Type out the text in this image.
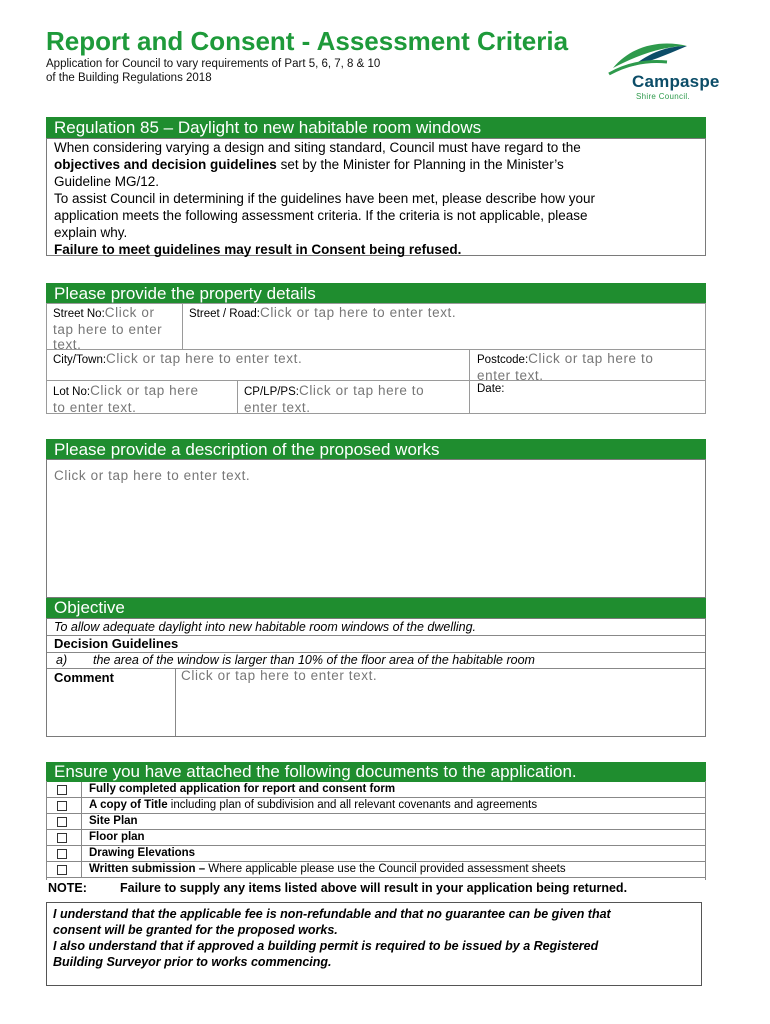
Report and Consent - Assessment Criteria
Application for Council to vary requirements of Part 5, 6, 7, 8 & 10
of the Building Regulations 2018	Campaspe
Shire Council.
Regulation 85 – Daylight to new habitable room windows
When considering varying a design and siting standard, Council must have regard to the
objectives and decision guidelines set by the Minister for Planning in the Minister’s
Guideline MG/12.
To assist Council in determining if the guidelines have been met, please describe how your
application meets the following assessment criteria. If the criteria is not applicable, please
explain why.
Failure to meet guidelines may result in Consent being refused.
Please provide the property details
Street No:Click or
tap here to enter
text.
Street / Road:Click or tap here to enter text.
City/Town:Click or tap here to enter text.	Postcode:Click or tap here to
enter text.
Lot No:Click or tap here
to enter text.
CP/LP/PS:Click or tap here to
enter text.
Date:
Please provide a description of the proposed works
Click or tap here to enter text.
Objective
To allow adequate daylight into new habitable room windows of the dwelling.
Decision Guidelines
a) the area of the window is larger than 10% of the floor area of the habitable room
Comment	Click or tap here to enter text.
Ensure you have attached the following documents to the application.
Fully completed application for report and consent form
A copy of Title including plan of subdivision and all relevant covenants and agreements
Site Plan
Floor plan
Drawing Elevations
Written submission – Where applicable please use the Council provided assessment sheets
NOTE:	Failure to supply any items listed above will result in your application being returned.
I understand that the applicable fee is non-refundable and that no guarantee can be given that
consent will be granted for the proposed works.
I also understand that if approved a building permit is required to be issued by a Registered
Building Surveyor prior to works commencing.
